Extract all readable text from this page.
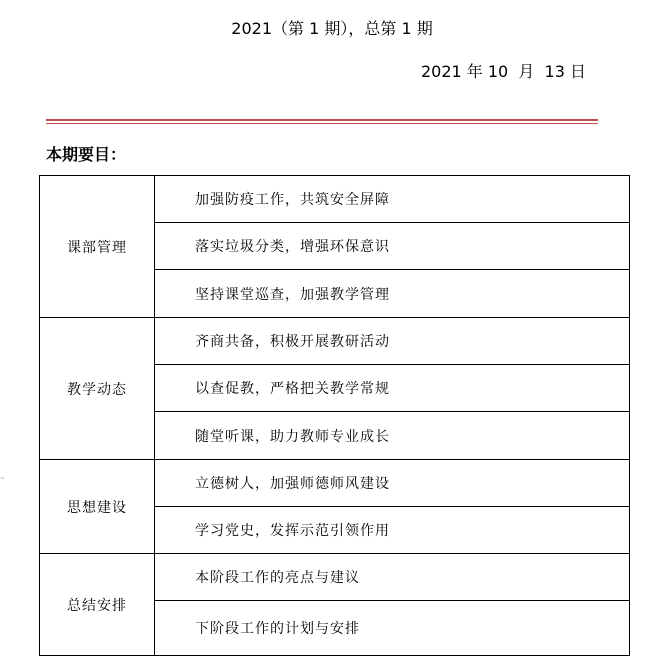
2021（第 1 期），总第 1 期
2021 年 10  月  13 日
本期要目：
ˇ
课部管理	加强防疫工作，共筑安全屏障
	落实垃圾分类，增强环保意识
	坚持课堂巡查，加强教学管理
教学动态	齐商共备，积极开展教研活动
	以查促教，严格把关教学常规
	随堂听课，助力教师专业成长
思想建设	立德树人，加强师德师风建设
	学习党史，发挥示范引领作用
总结安排	本阶段工作的亮点与建议
	下阶段工作的计划与安排
